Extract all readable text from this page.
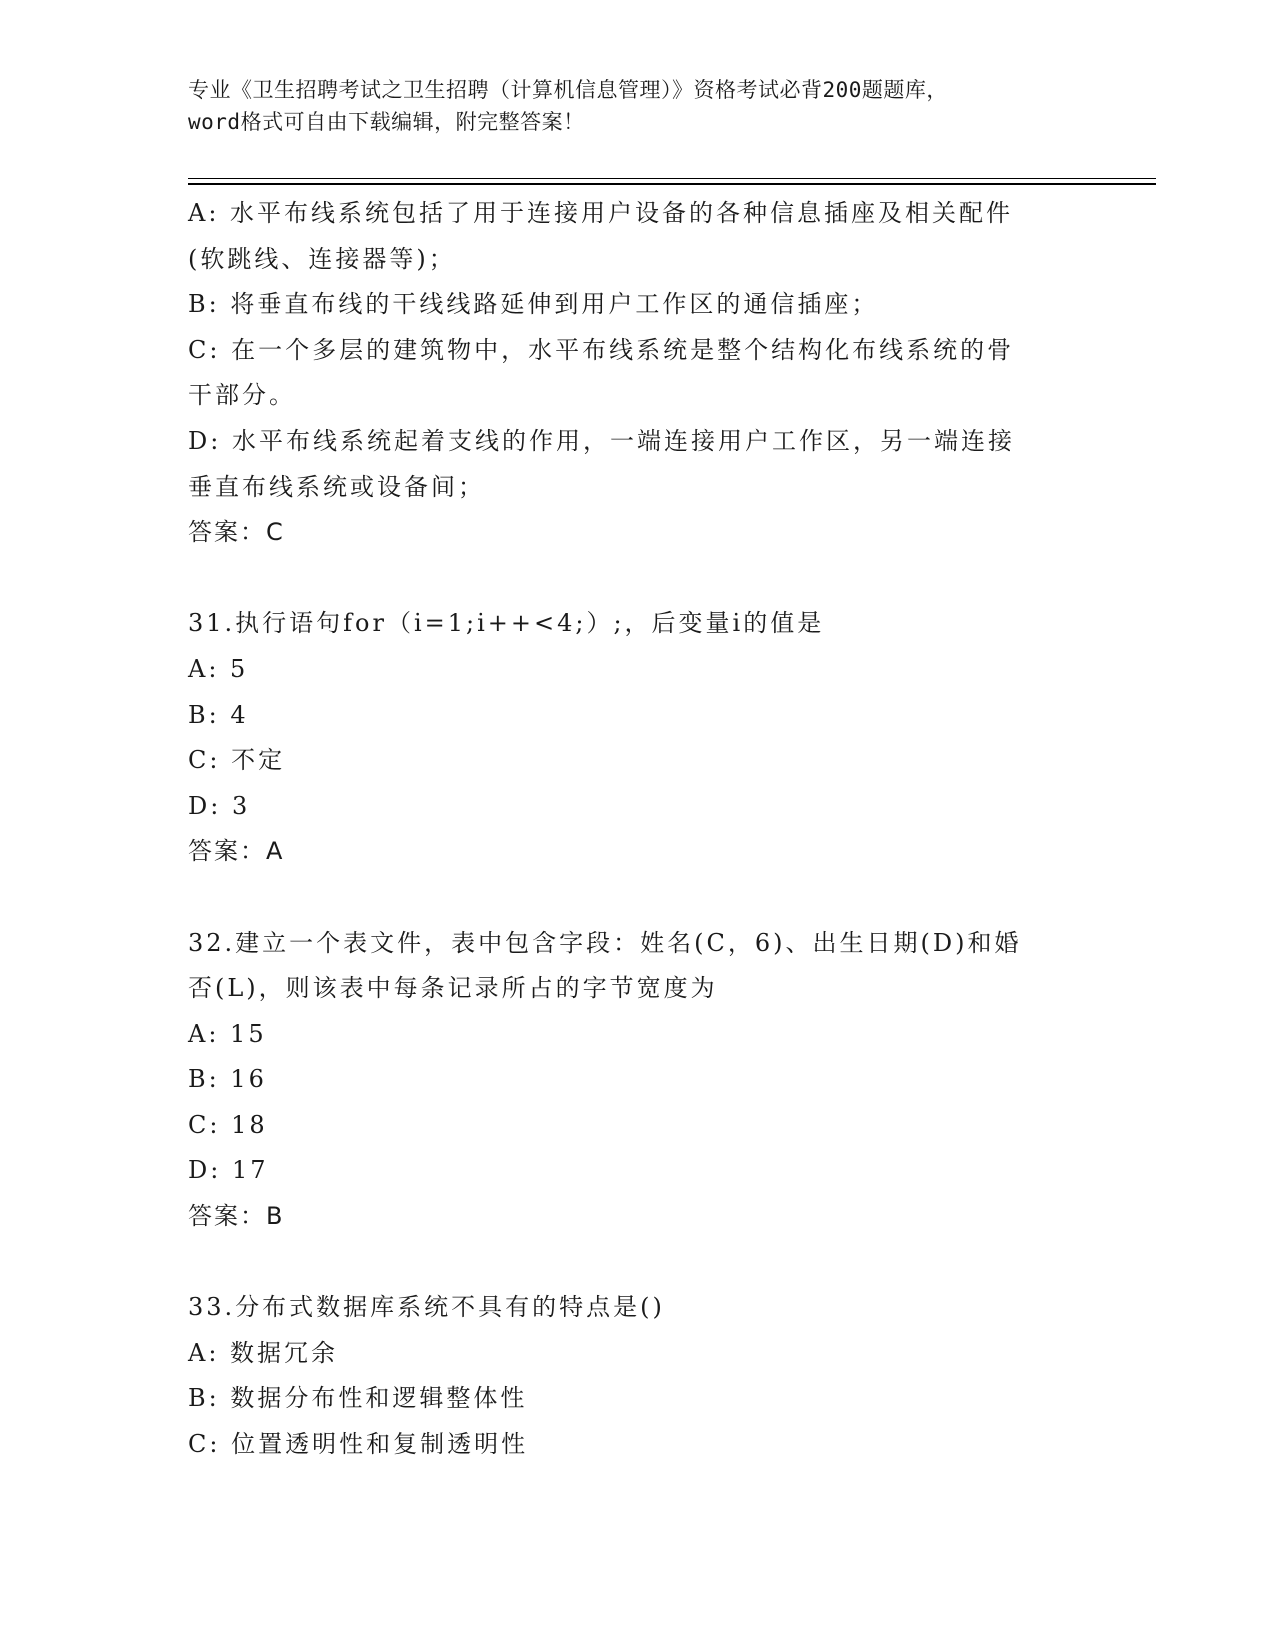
专业《卫生招聘考试之卫生招聘（计算机信息管理）》资格考试必背200题题库，
word格式可自由下载编辑，附完整答案！
A: 水平布线系统包括了用于连接用户设备的各种信息插座及相关配件
(软跳线、连接器等)；
B: 将垂直布线的干线线路延伸到用户工作区的通信插座；
C: 在一个多层的建筑物中，水平布线系统是整个结构化布线系统的骨
干部分。
D: 水平布线系统起着支线的作用，一端连接用户工作区，另一端连接
垂直布线系统或设备间；
答案：C
31.执行语句for（i=1;i++<4;）;，后变量i的值是
A: 5
B: 4
C: 不定
D: 3
答案：A
32.建立一个表文件，表中包含字段：姓名(C，6)、出生日期(D)和婚
否(L)，则该表中每条记录所占的字节宽度为
A: 15
B: 16
C: 18
D: 17
答案：B
33.分布式数据库系统不具有的特点是()
A: 数据冗余
B: 数据分布性和逻辑整体性
C: 位置透明性和复制透明性
